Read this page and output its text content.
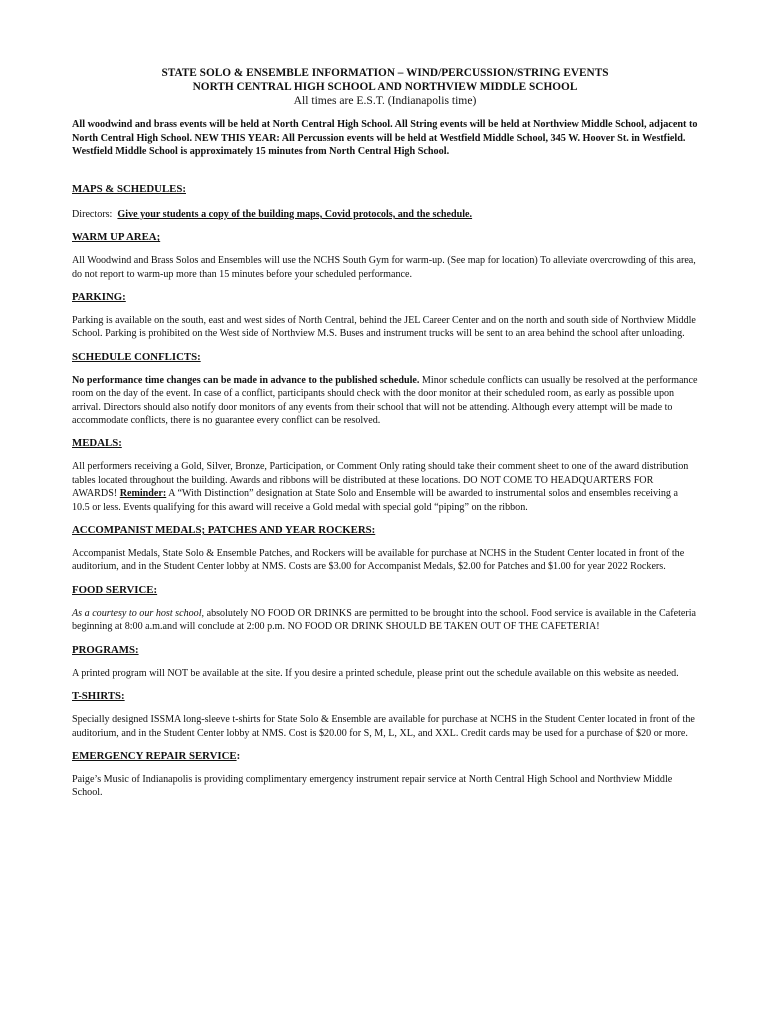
STATE SOLO & ENSEMBLE INFORMATION – WIND/PERCUSSION/STRING EVENTS
NORTH CENTRAL HIGH SCHOOL AND NORTHVIEW MIDDLE SCHOOL
All times are E.S.T. (Indianapolis time)
All woodwind and brass events will be held at North Central High School. All String events will be held at Northview Middle School, adjacent to North Central High School. NEW THIS YEAR: All Percussion events will be held at Westfield Middle School, 345 W. Hoover St. in Westfield. Westfield Middle School is approximately 15 minutes from North Central High School.
MAPS & SCHEDULES:
Directors: Give your students a copy of the building maps, Covid protocols, and the schedule.
WARM UP AREA;
All Woodwind and Brass Solos and Ensembles will use the NCHS South Gym for warm-up. (See map for location) To alleviate overcrowding of this area, do not report to warm-up more than 15 minutes before your scheduled performance.
PARKING:
Parking is available on the south, east and west sides of North Central, behind the JEL Career Center and on the north and south side of Northview Middle School. Parking is prohibited on the West side of Northview M.S. Buses and instrument trucks will be sent to an area behind the school after unloading.
SCHEDULE CONFLICTS:
No performance time changes can be made in advance to the published schedule. Minor schedule conflicts can usually be resolved at the performance room on the day of the event. In case of a conflict, participants should check with the door monitor at their scheduled room, as early as possible upon arrival. Directors should also notify door monitors of any events from their school that will not be attending. Although every attempt will be made to accommodate conflicts, there is no guarantee every conflict can be resolved.
MEDALS:
All performers receiving a Gold, Silver, Bronze, Participation, or Comment Only rating should take their comment sheet to one of the award distribution tables located throughout the building. Awards and ribbons will be distributed at these locations. DO NOT COME TO HEADQUARTERS FOR AWARDS! Reminder: A “With Distinction” designation at State Solo and Ensemble will be awarded to instrumental solos and ensembles receiving a 10.5 or less. Events qualifying for this award will receive a Gold medal with special gold “piping” on the ribbon.
ACCOMPANIST MEDALS; PATCHES AND YEAR ROCKERS:
Accompanist Medals, State Solo & Ensemble Patches, and Rockers will be available for purchase at NCHS in the Student Center located in front of the auditorium, and in the Student Center lobby at NMS. Costs are $3.00 for Accompanist Medals, $2.00 for Patches and $1.00 for year 2022 Rockers.
FOOD SERVICE:
As a courtesy to our host school, absolutely NO FOOD OR DRINKS are permitted to be brought into the school. Food service is available in the Cafeteria beginning at 8:00 a.m.and will conclude at 2:00 p.m. NO FOOD OR DRINK SHOULD BE TAKEN OUT OF THE CAFETERIA!
PROGRAMS:
A printed program will NOT be available at the site. If you desire a printed schedule, please print out the schedule available on this website as needed.
T-SHIRTS:
Specially designed ISSMA long-sleeve t-shirts for State Solo & Ensemble are available for purchase at NCHS in the Student Center located in front of the auditorium, and in the Student Center lobby at NMS. Cost is $20.00 for S, M, L, XL, and XXL. Credit cards may be used for a purchase of $20 or more.
EMERGENCY REPAIR SERVICE:
Paige’s Music of Indianapolis is providing complimentary emergency instrument repair service at North Central High School and Northview Middle School.
